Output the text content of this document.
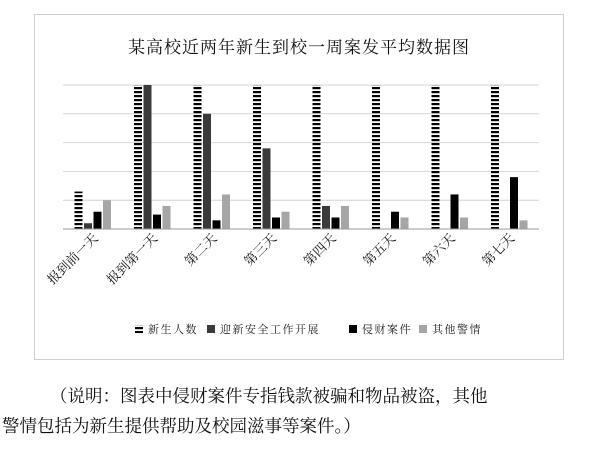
报到前一天 报到第一天 第二天 第三天 第四天 第五天 第六天 第七天
新生人数 迎新安全工作开展	侵财案件 其他警情
某高校近两年新生到校一周案发平均数据图

（说明：图表中侵财案件专指钱款被骗和物品被盗，其他

警情包括为新生提供帮助及校园滋事等案件。）
